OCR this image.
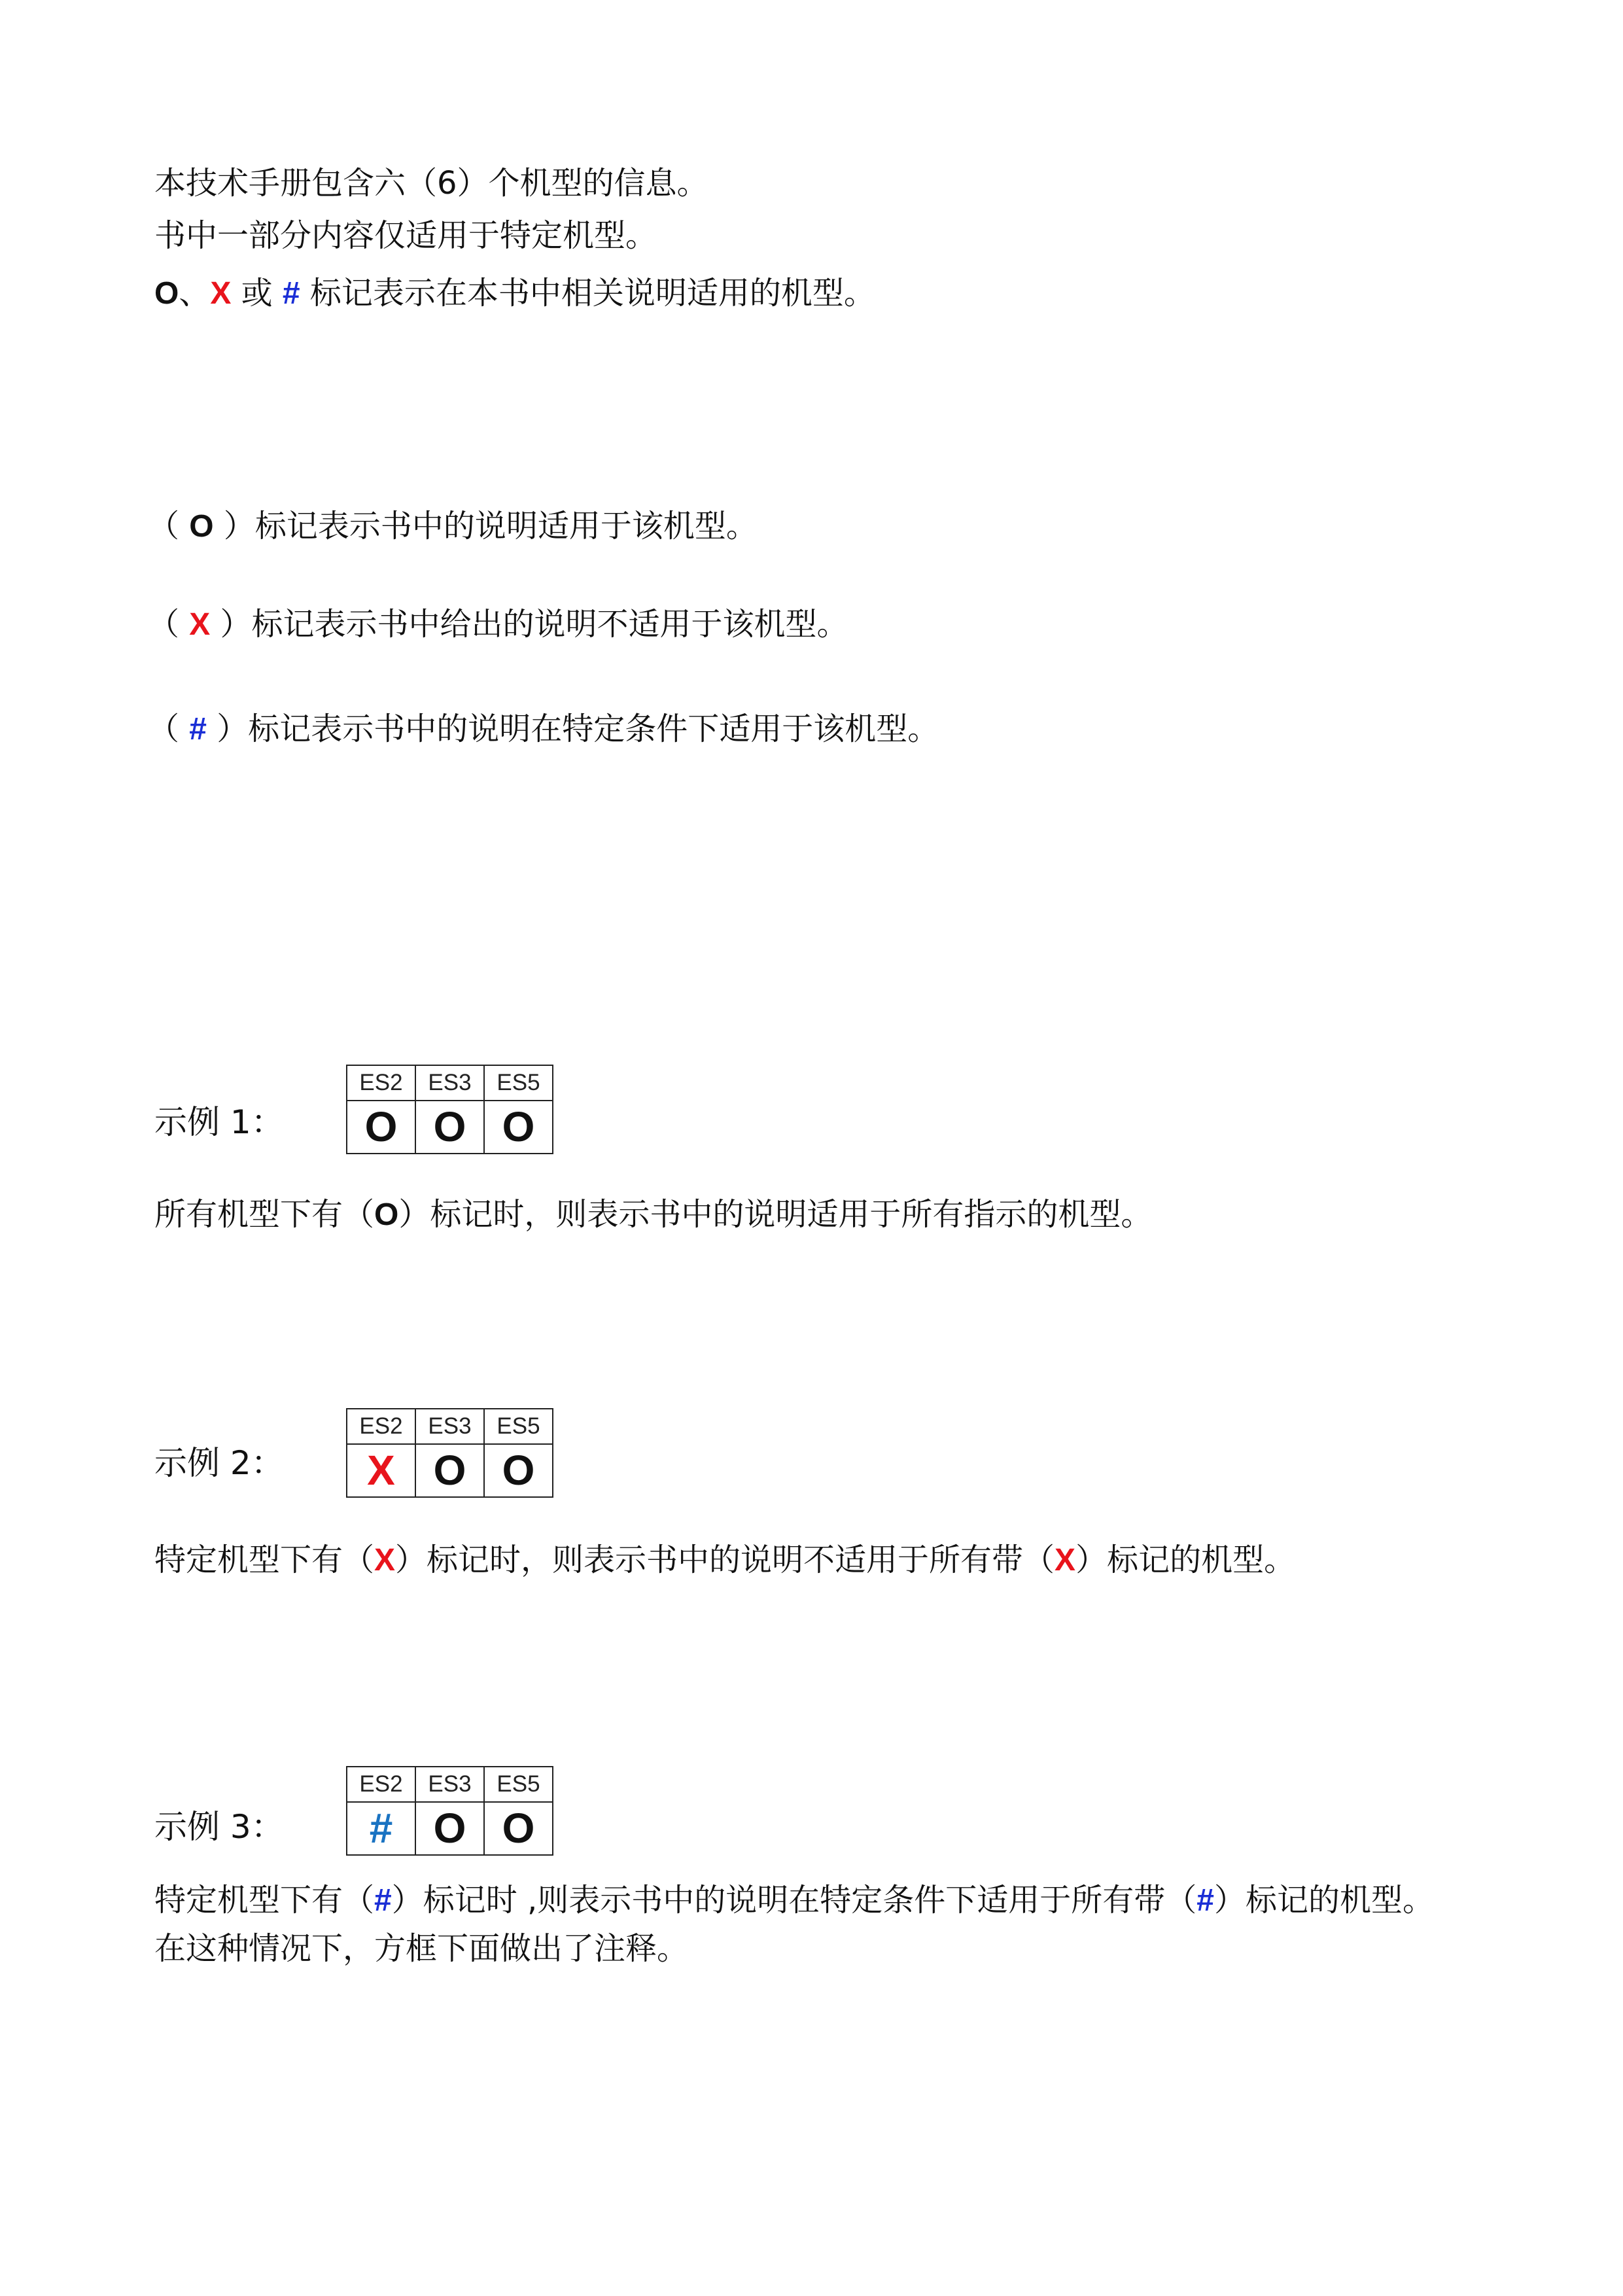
本技术手册包含六（6）个机型的信息。
书中一部分内容仅适用于特定机型。
O、X 或 # 标记表示在本书中相关说明适用的机型。
（ O ）标记表示书中的说明适用于该机型。
（ X ）标记表示书中给出的说明不适用于该机型。
（ # ）标记表示书中的说明在特定条件下适用于该机型。
示例 1：
ES2	ES3	ES5
O	O	O
所有机型下有（O）标记时，则表示书中的说明适用于所有指示的机型。
示例 2：
ES2	ES3	ES5
X	O	O
特定机型下有（X）标记时，则表示书中的说明不适用于所有带（X）标记的机型。
示例 3：
ES2	ES3	ES5
#	O	O
特定机型下有（#）标记时 ,则表示书中的说明在特定条件下适用于所有带（#）标记的机型。
在这种情况下，方框下面做出了注释。
